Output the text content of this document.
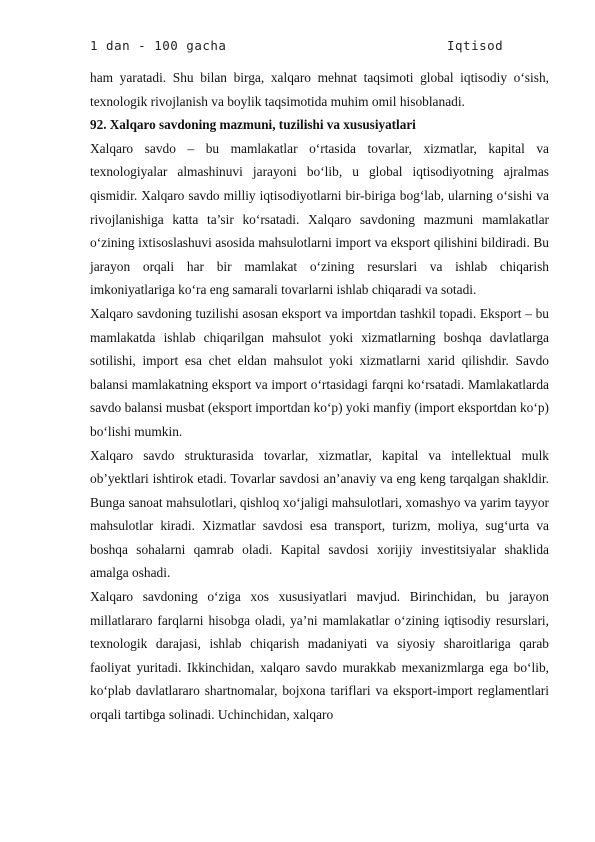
1 dan - 100 gacha	Iqtisod

ham yaratadi. Shu bilan birga, xalqaro mehnat taqsimoti global iqtisodiy o‘sish, texnologik rivojlanish va boylik taqsimotida muhim omil hisoblanadi.

92. Xalqaro savdoning mazmuni, tuzilishi va xususiyatlari

Xalqaro savdo – bu mamlakatlar o‘rtasida tovarlar, xizmatlar, kapital va texnologiyalar almashinuvi jarayoni bo‘lib, u global iqtisodiyotning ajralmas qismidir. Xalqaro savdo milliy iqtisodiyotlarni bir-biriga bog‘lab, ularning o‘sishi va rivojlanishiga katta ta’sir ko‘rsatadi. Xalqaro savdoning mazmuni mamlakatlar o‘zining ixtisoslashuvi asosida mahsulotlarni import va eksport qilishini bildiradi. Bu jarayon orqali har bir mamlakat o‘zining resurslari va ishlab chiqarish imkoniyatlariga ko‘ra eng samarali tovarlarni ishlab chiqaradi va sotadi.

Xalqaro savdoning tuzilishi asosan eksport va importdan tashkil topadi. Eksport – bu mamlakatda ishlab chiqarilgan mahsulot yoki xizmatlarning boshqa davlatlarga sotilishi, import esa chet eldan mahsulot yoki xizmatlarni xarid qilishdir. Savdo balansi mamlakatning eksport va import o‘rtasidagi farqni ko‘rsatadi. Mamlakatlarda savdo balansi musbat (eksport importdan ko‘p) yoki manfiy (import eksportdan ko‘p) bo‘lishi mumkin.

Xalqaro savdo strukturasida tovarlar, xizmatlar, kapital va intellektual mulk ob’yektlari ishtirok etadi. Tovarlar savdosi an’anaviy va eng keng tarqalgan shakldir. Bunga sanoat mahsulotlari, qishloq xo‘jaligi mahsulotlari, xomashyo va yarim tayyor mahsulotlar kiradi. Xizmatlar savdosi esa transport, turizm, moliya, sug‘urta va boshqa sohalarni qamrab oladi. Kapital savdosi xorijiy investitsiyalar shaklida amalga oshadi.

Xalqaro savdoning o‘ziga xos xususiyatlari mavjud. Birinchidan, bu jarayon millatlararo farqlarni hisobga oladi, ya’ni mamlakatlar o‘zining iqtisodiy resurslari, texnologik darajasi, ishlab chiqarish madaniyati va siyosiy sharoitlariga qarab faoliyat yuritadi. Ikkinchidan, xalqaro savdo murakkab mexanizmlarga ega bo‘lib, ko‘plab davlatlararo shartnomalar, bojxona tariflari va eksport-import reglamentlari orqali tartibga solinadi. Uchinchidan, xalqaro
